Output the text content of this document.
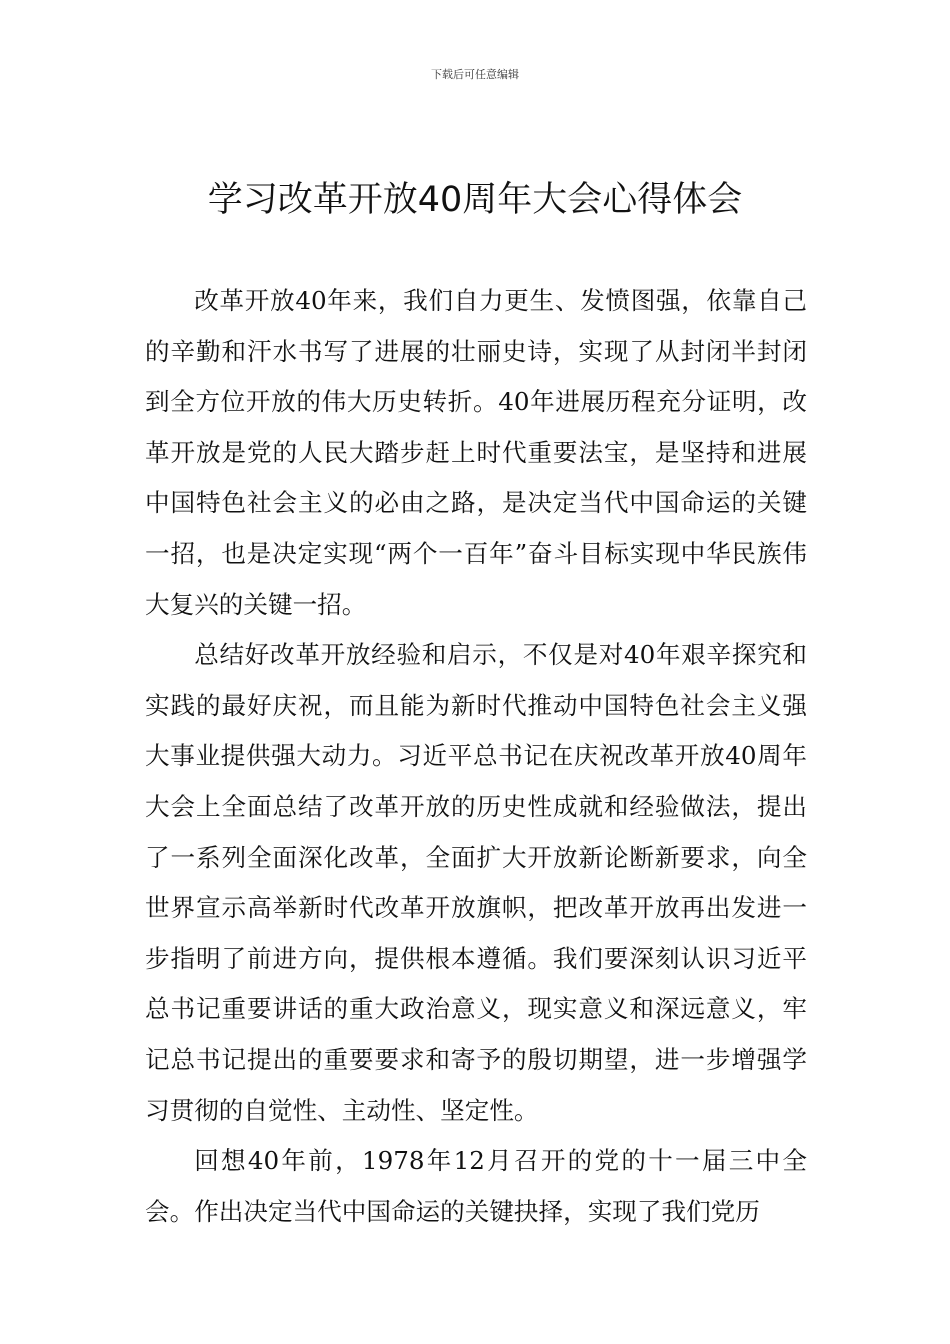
下载后可任意编辑
学习改革开放40周年大会心得体会

改革开放40年来，我们自力更生、发愤图强，依靠自己的辛勤和汗水书写了进展的壮丽史诗，实现了从封闭半封闭到全方位开放的伟大历史转折。40年进展历程充分证明，改革开放是党的人民大踏步赶上时代重要法宝，是坚持和进展中国特色社会主义的必由之路，是决定当代中国命运的关键一招，也是决定实现“两个一百年”奋斗目标实现中华民族伟大复兴的关键一招。

总结好改革开放经验和启示，不仅是对40年艰辛探究和实践的最好庆祝，而且能为新时代推动中国特色社会主义强大事业提供强大动力。习近平总书记在庆祝改革开放40周年大会上全面总结了改革开放的历史性成就和经验做法，提出了一系列全面深化改革，全面扩大开放新论断新要求，向全世界宣示高举新时代改革开放旗帜，把改革开放再出发进一步指明了前进方向，提供根本遵循。我们要深刻认识习近平总书记重要讲话的重大政治意义，现实意义和深远意义，牢记总书记提出的重要要求和寄予的殷切期望，进一步增强学习贯彻的自觉性、主动性、坚定性。

回想40年前，1978年12月召开的党的十一届三中全会。作出决定当代中国命运的关键抉择，实现了我们党历
